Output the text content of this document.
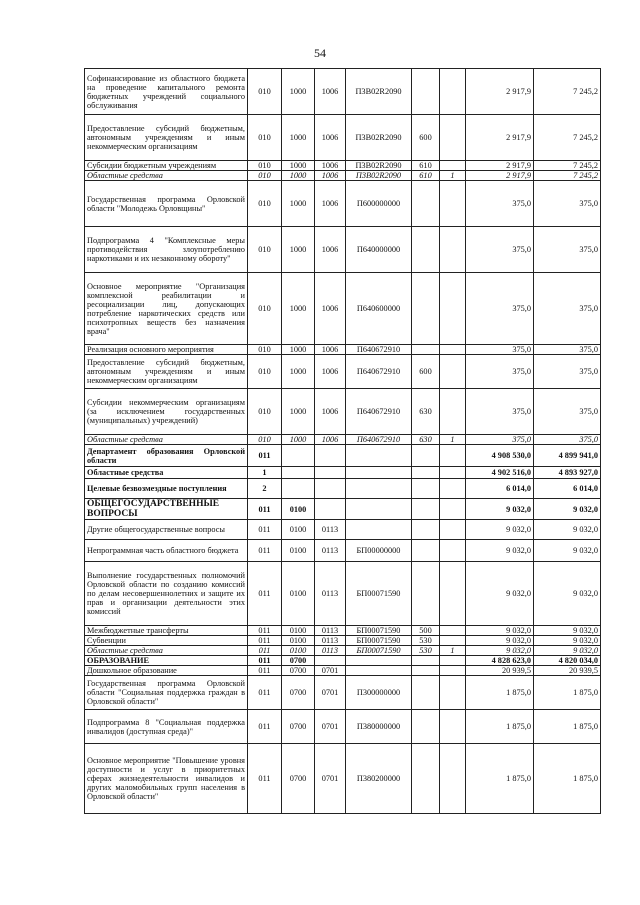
54
Софинансирование из областного бюджета на проведение капитального ремонта бюджетных учреждений социального обслуживания	010	1000	1006	П3В02R2090			2 917,9	7 245,2
Предоставление субсидий бюджетным, автономным учреждениям и иным некоммерческим организациям	010	1000	1006	П3В02R2090	600		2 917,9	7 245,2
Субсидии бюджетным учреждениям	010	1000	1006	П3В02R2090	610		2 917,9	7 245,2
Областные средства	010	1000	1006	П3В02R2090	610	1	2 917,9	7 245,2
Государственная программа Орловской области "Молодежь Орловщины"	010	1000	1006	П600000000			375,0	375,0
Подпрограмма 4 "Комплексные меры противодействия злоупотреблению наркотиками и их незаконному обороту"	010	1000	1006	П640000000			375,0	375,0
Основное мероприятие "Организация комплексной реабилитации и ресоциализации лиц, допускающих потребление наркотических средств или психотропных веществ без назначения врача"	010	1000	1006	П640600000			375,0	375,0
Реализация основного мероприятия	010	1000	1006	П640672910			375,0	375,0
Предоставление субсидий бюджетным, автономным учреждениям и иным некоммерческим организациям	010	1000	1006	П640672910	600		375,0	375,0
Субсидии некоммерческим организациям (за исключением государственных (муниципальных) учреждений)	010	1000	1006	П640672910	630		375,0	375,0
Областные средства	010	1000	1006	П640672910	630	1	375,0	375,0
Департамент образования Орловской области	011						4 908 530,0	4 899 941,0
Областные средства	1						4 902 516,0	4 893 927,0
Целевые безвозмездные поступления	2						6 014,0	6 014,0
ОБЩЕГОСУДАРСТВЕННЫЕ ВОПРОСЫ	011	0100					9 032,0	9 032,0
Другие общегосударственные вопросы	011	0100	0113				9 032,0	9 032,0
Непрограммная часть областного бюджета	011	0100	0113	БП00000000			9 032,0	9 032,0
Выполнение государственных полномочий Орловской области по созданию комиссий по делам несовершеннолетних и защите их прав и организации деятельности этих комиссий	011	0100	0113	БП00071590			9 032,0	9 032,0
Межбюджетные трансферты	011	0100	0113	БП00071590	500		9 032,0	9 032,0
Субвенции	011	0100	0113	БП00071590	530		9 032,0	9 032,0
Областные средства	011	0100	0113	БП00071590	530	1	9 032,0	9 032,0
ОБРАЗОВАНИЕ	011	0700					4 828 623,0	4 820 034,0
Дошкольное образование	011	0700	0701				20 939,5	20 939,5
Государственная программа Орловской области "Социальная поддержка граждан в Орловской области"	011	0700	0701	П300000000			1 875,0	1 875,0
Подпрограмма 8 "Социальная поддержка инвалидов (доступная среда)"	011	0700	0701	П380000000			1 875,0	1 875,0
Основное мероприятие "Повышение уровня доступности и услуг в приоритетных сферах жизнедеятельности инвалидов и других маломобильных групп населения в Орловской области"	011	0700	0701	П380200000			1 875,0	1 875,0
